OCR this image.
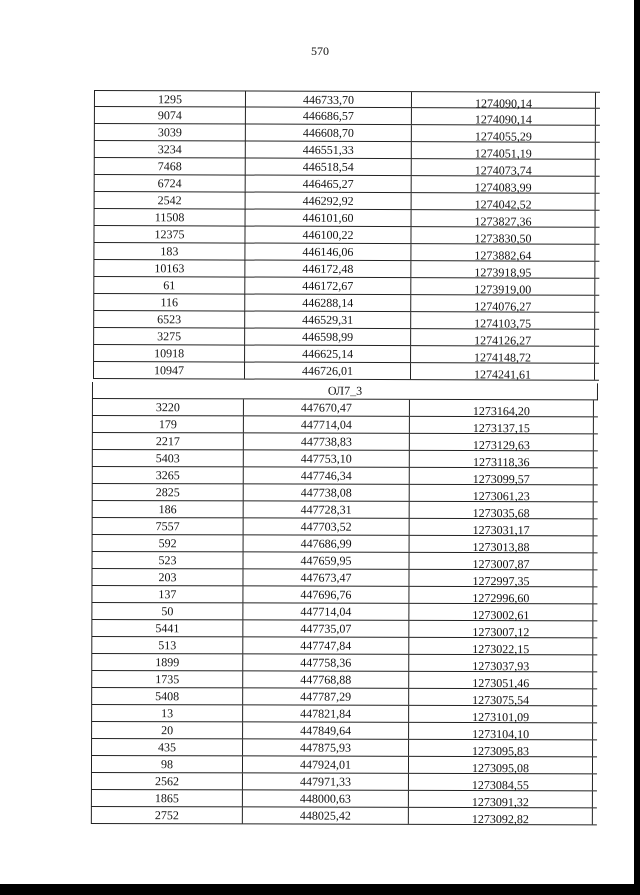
570
1295	446733,70	1274090,14
9074	446686,57	1274090,14
3039	446608,70	1274055,29
3234	446551,33	1274051,19
7468	446518,54	1274073,74
6724	446465,27	1274083,99
2542	446292,92	1274042,52
11508	446101,60	1273827,36
12375	446100,22	1273830,50
183	446146,06	1273882,64
10163	446172,48	1273918,95
61	446172,67	1273919,00
116	446288,14	1274076,27
6523	446529,31	1274103,75
3275	446598,99	1274126,27
10918	446625,14	1274148,72
10947	446726,01	1274241,61
ОЛ7_3
3220	447670,47	1273164,20
179	447714,04	1273137,15
2217	447738,83	1273129,63
5403	447753,10	1273118,36
3265	447746,34	1273099,57
2825	447738,08	1273061,23
186	447728,31	1273035,68
7557	447703,52	1273031,17
592	447686,99	1273013,88
523	447659,95	1273007,87
203	447673,47	1272997,35
137	447696,76	1272996,60
50	447714,04	1273002,61
5441	447735,07	1273007,12
513	447747,84	1273022,15
1899	447758,36	1273037,93
1735	447768,88	1273051,46
5408	447787,29	1273075,54
13	447821,84	1273101,09
20	447849,64	1273104,10
435	447875,93	1273095,83
98	447924,01	1273095,08
2562	447971,33	1273084,55
1865	448000,63	1273091,32
2752	448025,42	1273092,82
